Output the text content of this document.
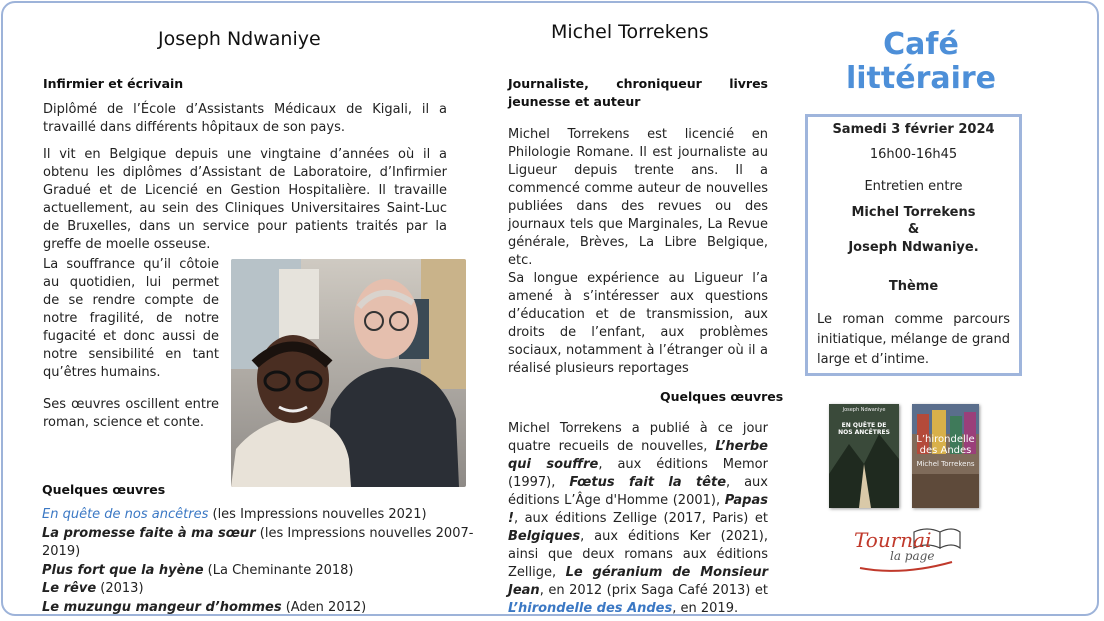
Joseph Ndwaniye
Infirmier et écrivain
Diplômé de l’École d’Assistants Médicaux de Kigali, il a travaillé dans différents hôpitaux de son pays.
Il vit en Belgique depuis une vingtaine d’années où il a obtenu les diplômes d’Assistant de Laboratoire, d’Infirmier Gradué et de Licencié en Gestion Hospitalière. Il travaille actuellement, au sein des Cliniques Universitaires Saint-Luc de Bruxelles, dans un service pour patients traités par la greffe de moelle osseuse.
La souffrance qu’il côtoie au quotidien, lui permet de se rendre compte de notre fragilité, de notre fugacité et donc aussi de notre sensibilité en tant qu’êtres humains.
Ses œuvres oscillent entre roman, science et conte.
Quelques œuvres
En quête de nos ancêtres (les Impressions nouvelles 2021)
La promesse faite à ma sœur (les Impressions nouvelles 2007-2019)
Plus fort que la hyène (La Cheminante 2018)
Le rêve (2013)
Le muzungu mangeur d’hommes (Aden 2012)
Michel Torrekens
Journaliste, chroniqueur livres jeunesse et auteur
Michel Torrekens est licencié en Philologie Romane. Il est journaliste au Ligueur depuis trente ans. Il a commencé comme auteur de nouvelles publiées dans des revues ou des journaux tels que Marginales, La Revue générale, Brèves, La Libre Belgique, etc.
Sa longue expérience au Ligueur l’a amené à s’intéresser aux questions d’éducation et de transmission, aux droits de l’enfant, aux problèmes sociaux, notamment à l’étranger où il a réalisé plusieurs reportages
Quelques œuvres
Michel Torrekens a publié à ce jour quatre recueils de nouvelles, L’herbe qui souffre, aux éditions Memor (1997), Fœtus fait la tête, aux éditions L’Âge d'Homme (2001), Papas !, aux éditions Zellige (2017, Paris) et Belgiques, aux éditions Ker (2021), ainsi que deux romans aux éditions Zellige, Le géranium de Monsieur Jean, en 2012 (prix Saga Café 2013) et L’hirondelle des Andes, en 2019.
Café
littéraire
Samedi 3 février 2024
16h00-16h45
Entretien entre
Michel Torrekens
&
Joseph Ndwaniye.
Thème
Le roman comme parcours initiatique, mélange de grand large et d’intime.
Joseph Ndwaniye
EN QUÊTE DE NOS ANCÊTRES
L’hirondelle des Andes
Michel Torrekens
Tournai
la page
